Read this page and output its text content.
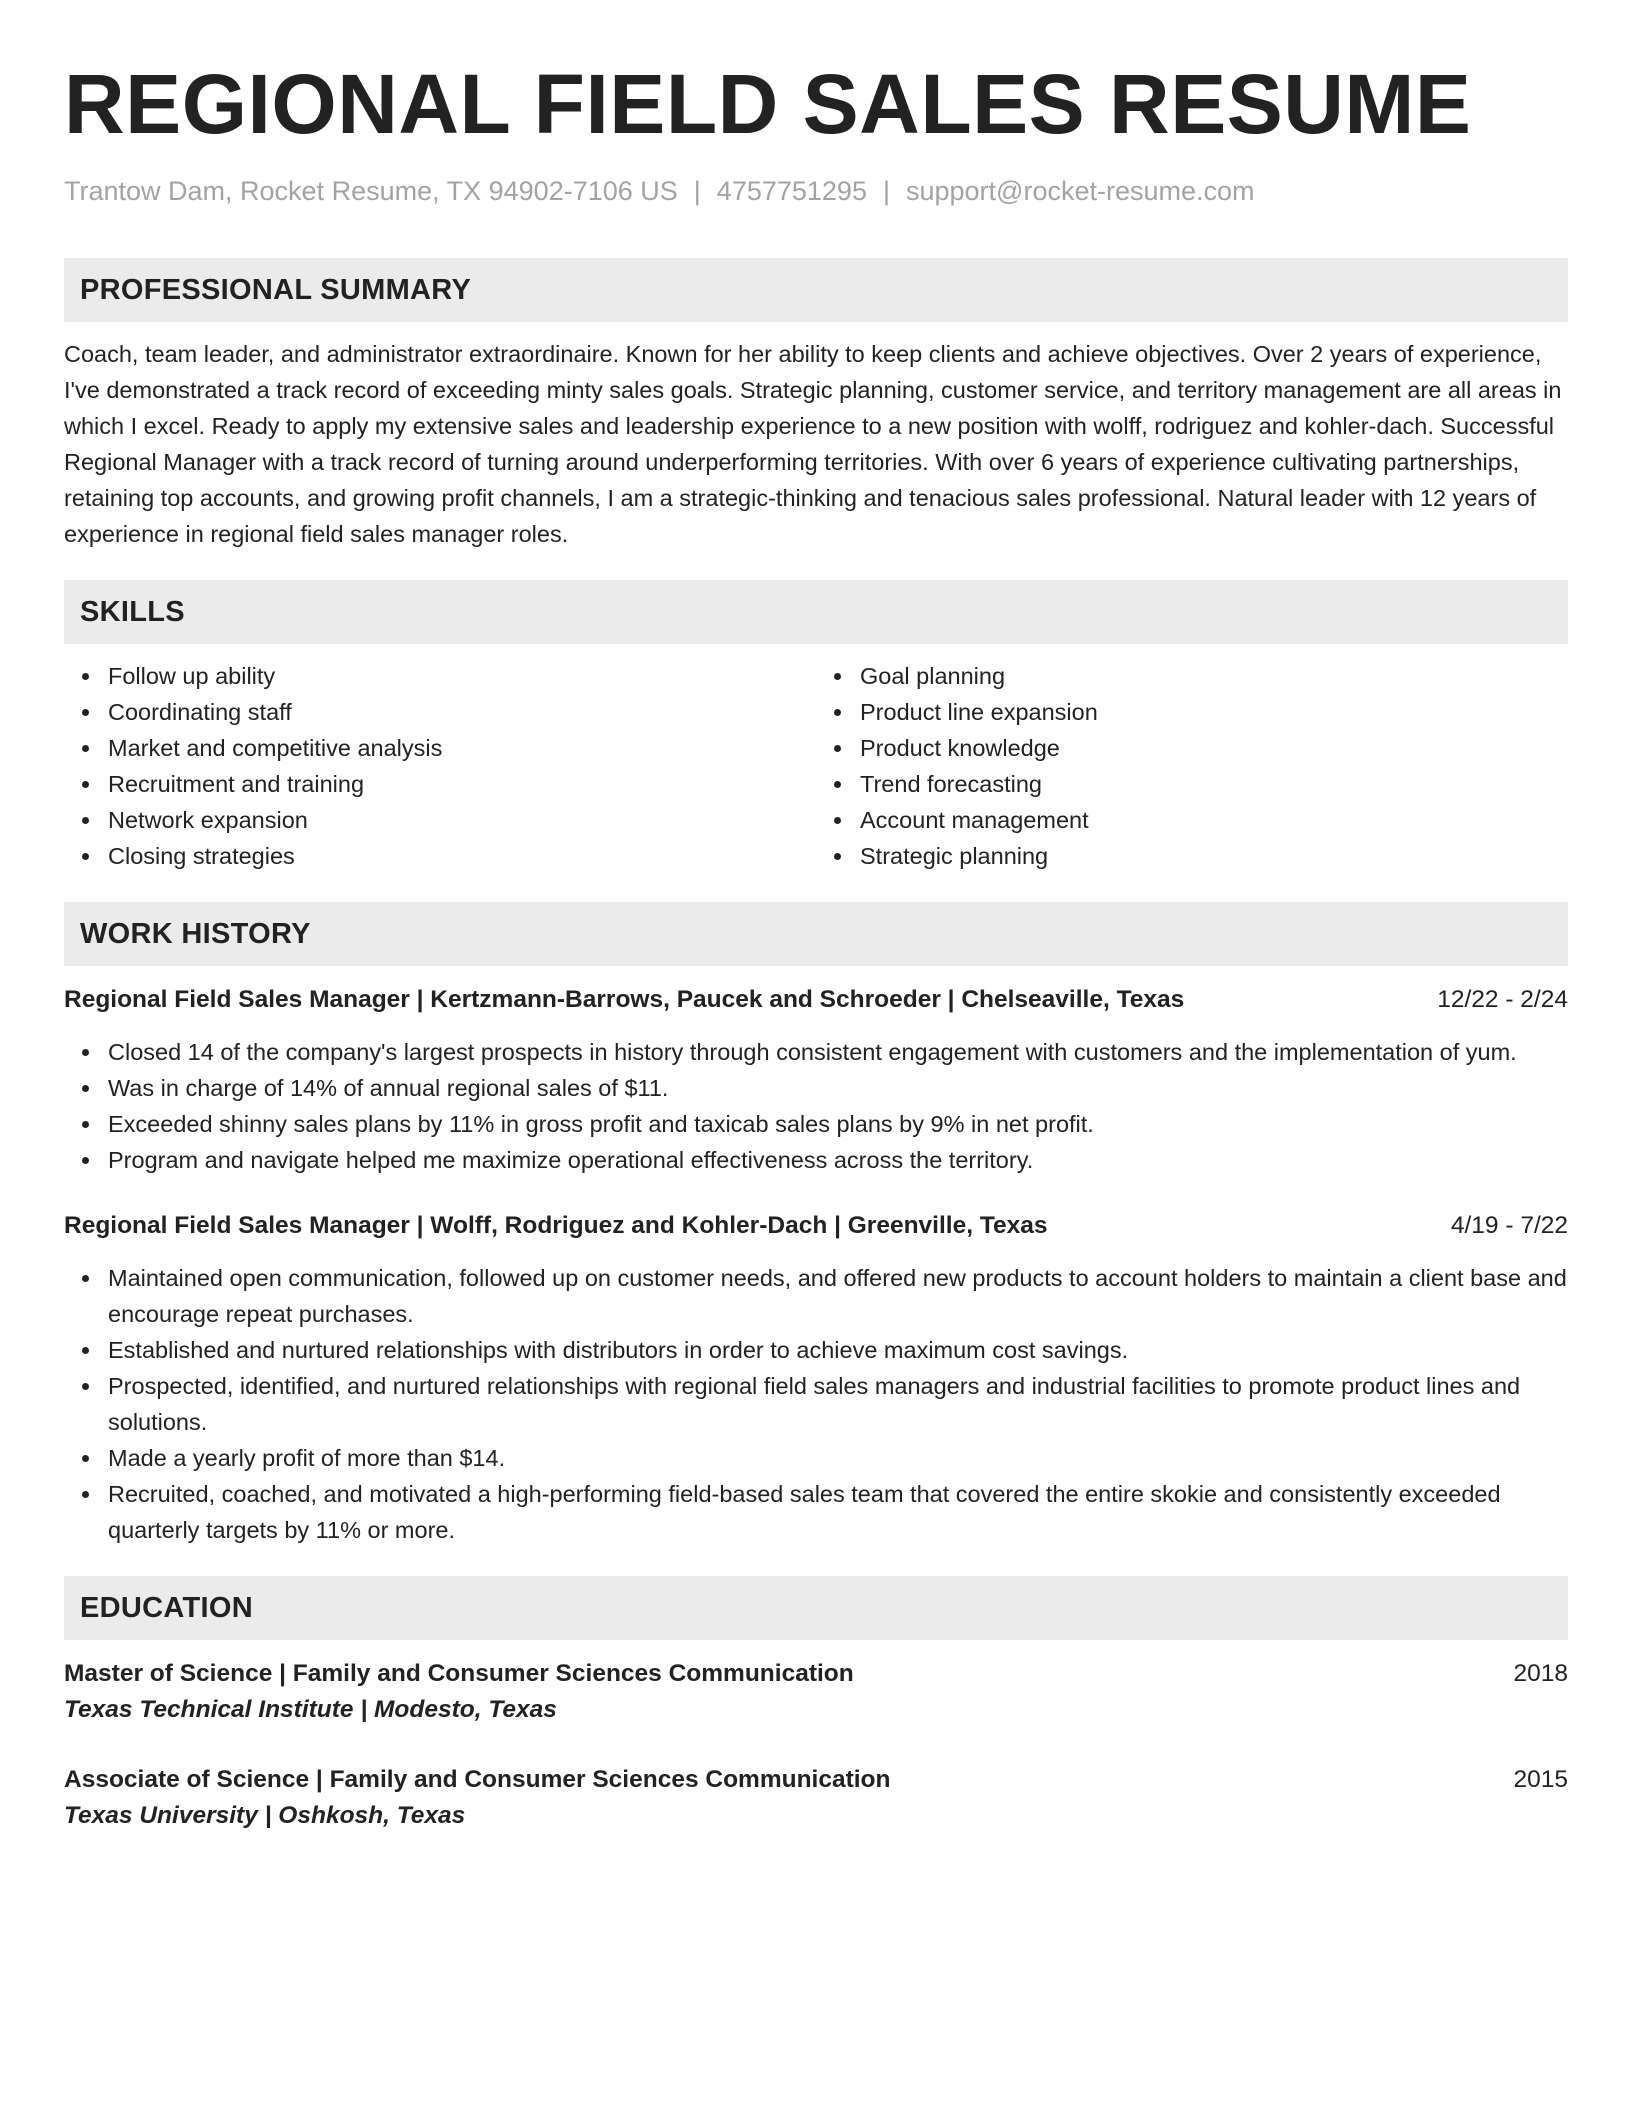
REGIONAL FIELD SALES RESUME
Trantow Dam, Rocket Resume, TX 94902-7106 US | 4757751295 | support@rocket-resume.com
PROFESSIONAL SUMMARY

Coach, team leader, and administrator extraordinaire. Known for her ability to keep clients and achieve objectives. Over 2 years of experience, I've demonstrated a track record of exceeding minty sales goals. Strategic planning, customer service, and territory management are all areas in which I excel. Ready to apply my extensive sales and leadership experience to a new position with wolff, rodriguez and kohler-dach. Successful Regional Manager with a track record of turning around underperforming territories. With over 6 years of experience cultivating partnerships, retaining top accounts, and growing profit channels, I am a strategic-thinking and tenacious sales professional. Natural leader with 12 years of experience in regional field sales manager roles.

SKILLS
Follow up ability
Coordinating staff
Market and competitive analysis
Recruitment and training
Network expansion
Closing strategies
Goal planning
Product line expansion
Product knowledge
Trend forecasting
Account management
Strategic planning
WORK HISTORY
Regional Field Sales Manager | Kertzmann-Barrows, Paucek and Schroeder | Chelseaville, Texas	12/22 - 2/24
Closed 14 of the company's largest prospects in history through consistent engagement with customers and the implementation of yum.
Was in charge of 14% of annual regional sales of $11.
Exceeded shinny sales plans by 11% in gross profit and taxicab sales plans by 9% in net profit.
Program and navigate helped me maximize operational effectiveness across the territory.
Regional Field Sales Manager | Wolff, Rodriguez and Kohler-Dach | Greenville, Texas	4/19 - 7/22
Maintained open communication, followed up on customer needs, and offered new products to account holders to maintain a client base and encourage repeat purchases.
Established and nurtured relationships with distributors in order to achieve maximum cost savings.
Prospected, identified, and nurtured relationships with regional field sales managers and industrial facilities to promote product lines and solutions.
Made a yearly profit of more than $14.
Recruited, coached, and motivated a high-performing field-based sales team that covered the entire skokie and consistently exceeded quarterly targets by 11% or more.
EDUCATION
Master of Science | Family and Consumer Sciences Communication	2018
Texas Technical Institute | Modesto, Texas
Associate of Science | Family and Consumer Sciences Communication	2015
Texas University | Oshkosh, Texas
